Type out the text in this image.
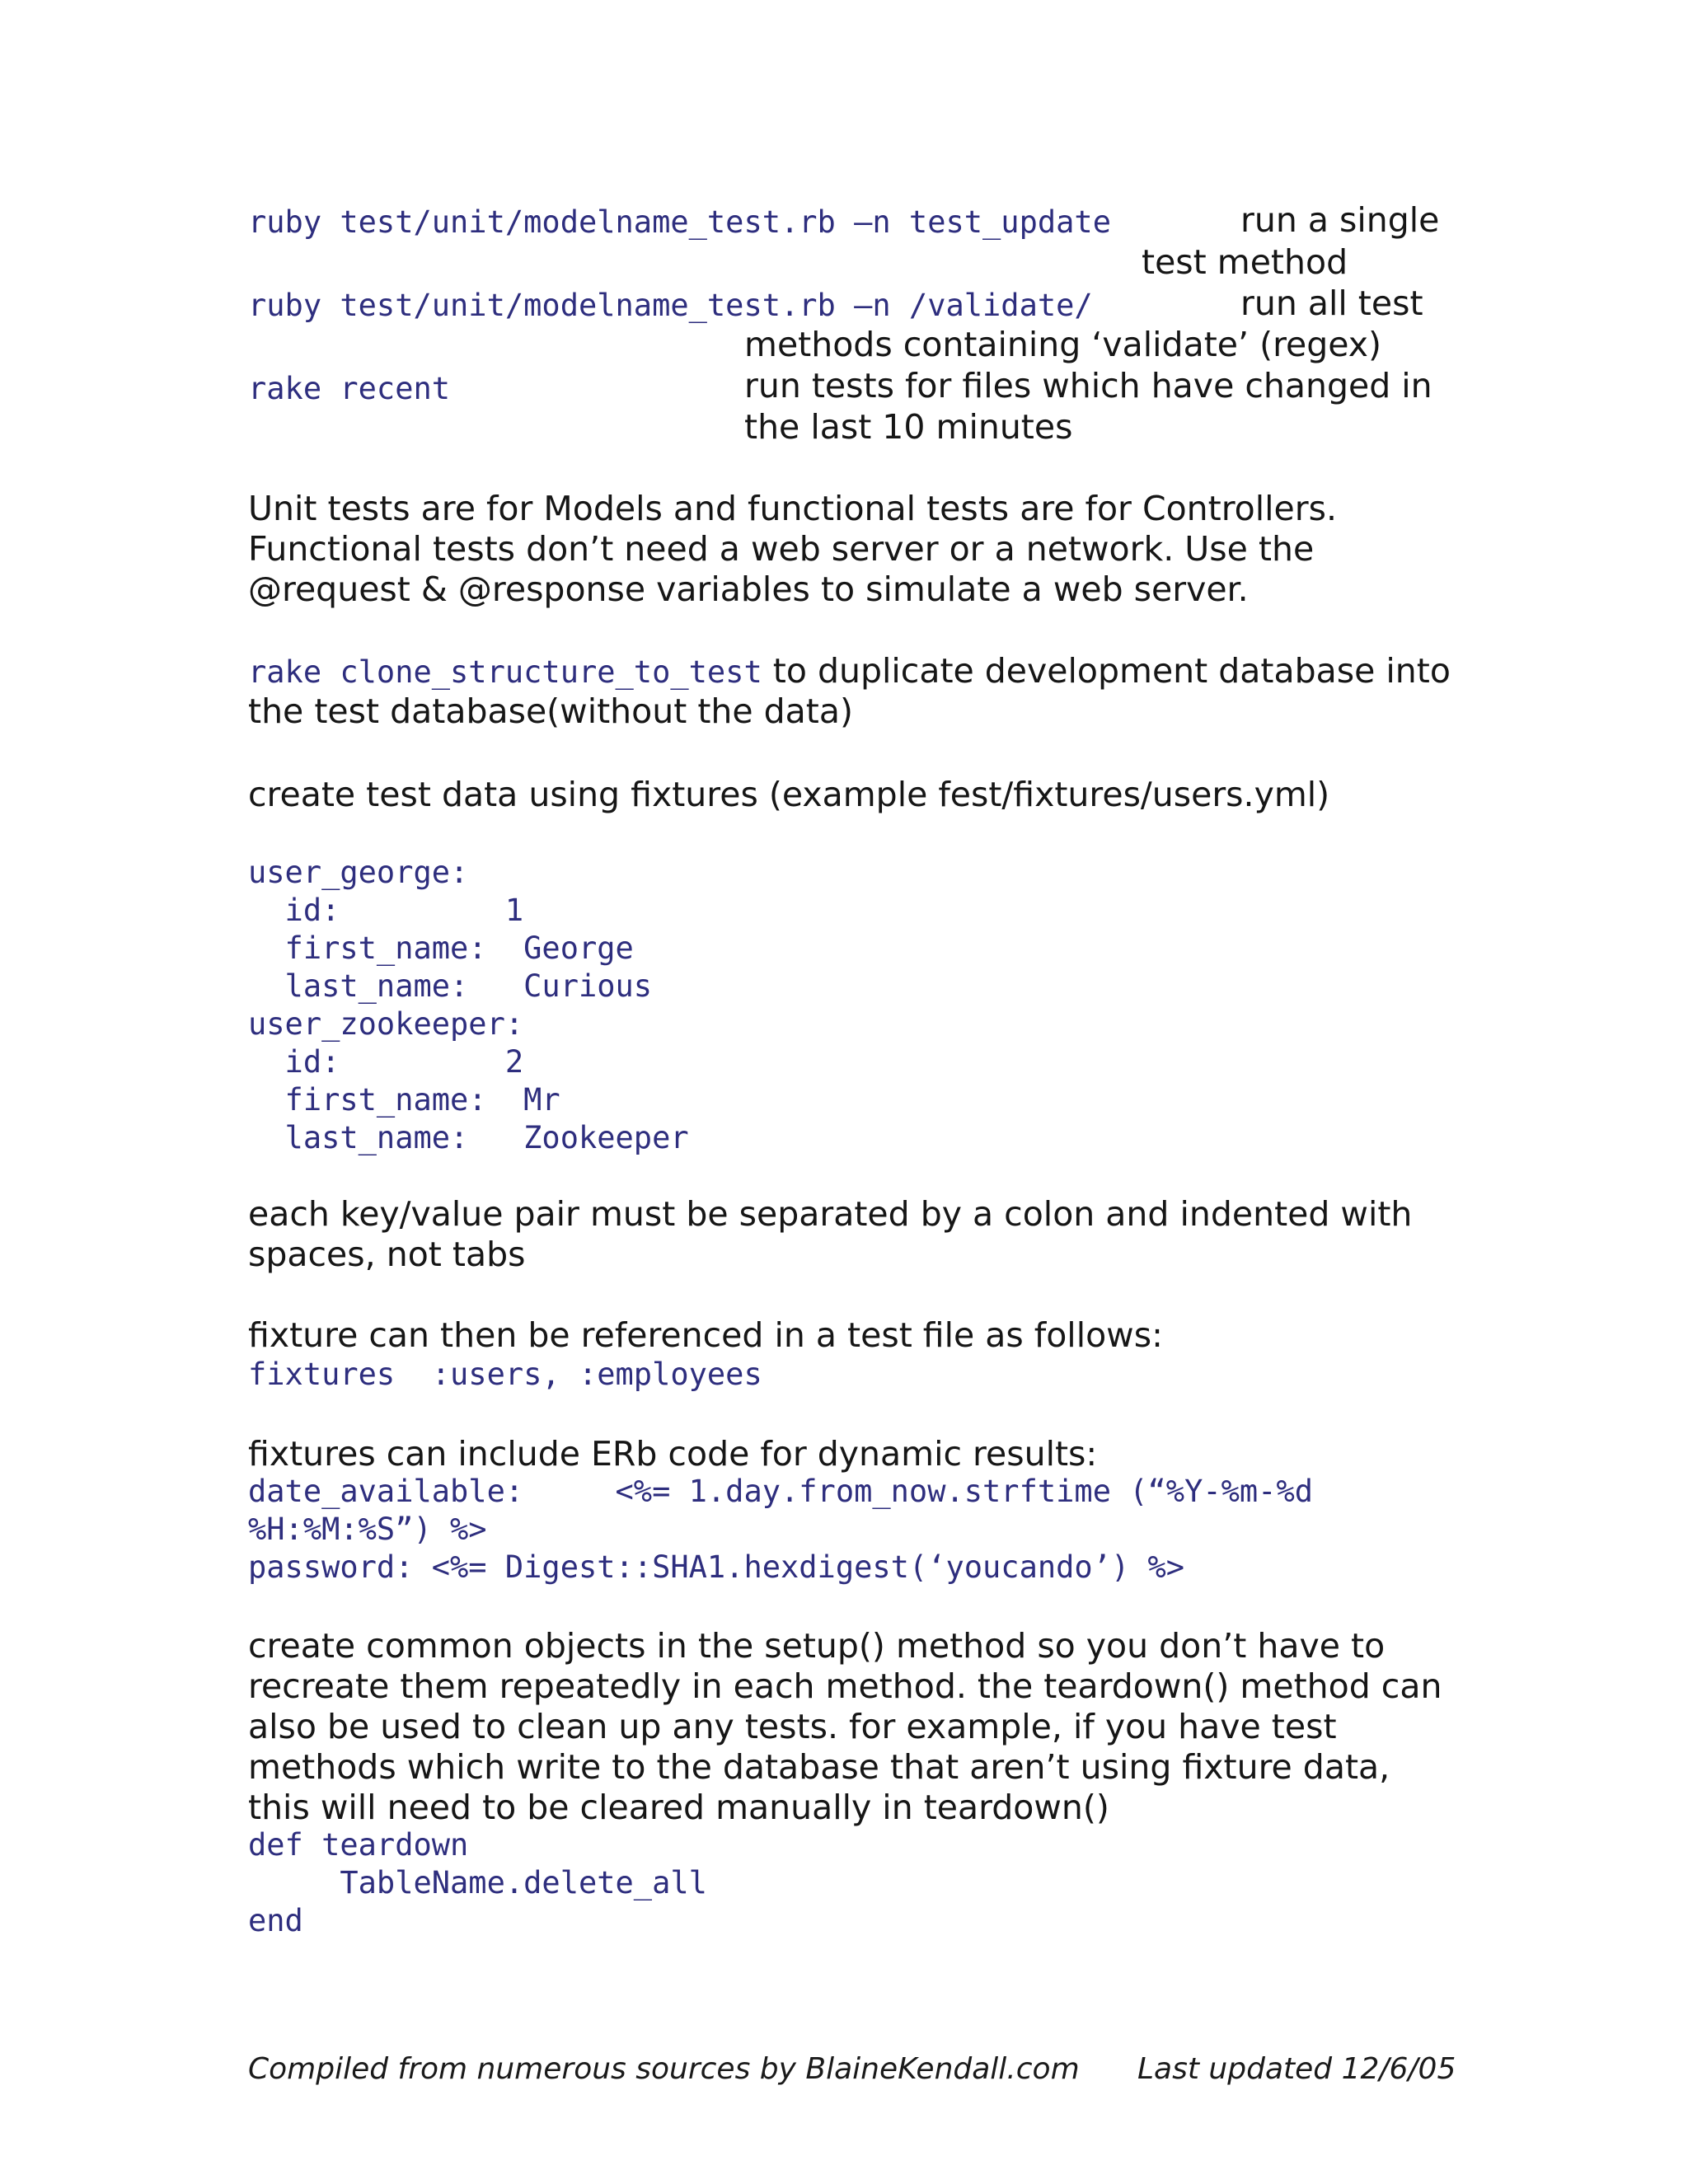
ruby test/unit/modelname_test.rb –n test_update	run a single
test method
ruby test/unit/modelname_test.rb –n /validate/	run all test
methods containing ‘validate’ (regex)
rake recent	run tests for files which have changed in
the last 10 minutes
Unit tests are for Models and functional tests are for Controllers. Functional tests don’t need a web server or a network. Use the @request & @response variables to simulate a web server.
rake clone_structure_to_test to duplicate development database into the test database(without the data)
create test data using fixtures (example fest/fixtures/users.yml)
user_george:
id:         1
first_name:  George
last_name:   Curious
user_zookeeper:
id:         2
first_name:  Mr
last_name:   Zookeeper
each key/value pair must be separated by a colon and indented with spaces, not tabs
fixture can then be referenced in a test file as follows:
fixtures  :users, :employees
fixtures can include ERb code for dynamic results:
date_available:     <%= 1.day.from_now.strftime (“%Y-%m-%d
%H:%M:%S”) %>
password: <%= Digest::SHA1.hexdigest(‘youcando’) %>
create common objects in the setup() method so you don’t have to recreate them repeatedly in each method. the teardown() method can also be used to clean up any tests. for example, if you have test methods which write to the database that aren’t using fixture data, this will need to be cleared manually in teardown()
def teardown
TableName.delete_all
end
Compiled from numerous sources by BlaineKendall.com Last updated 12/6/05
